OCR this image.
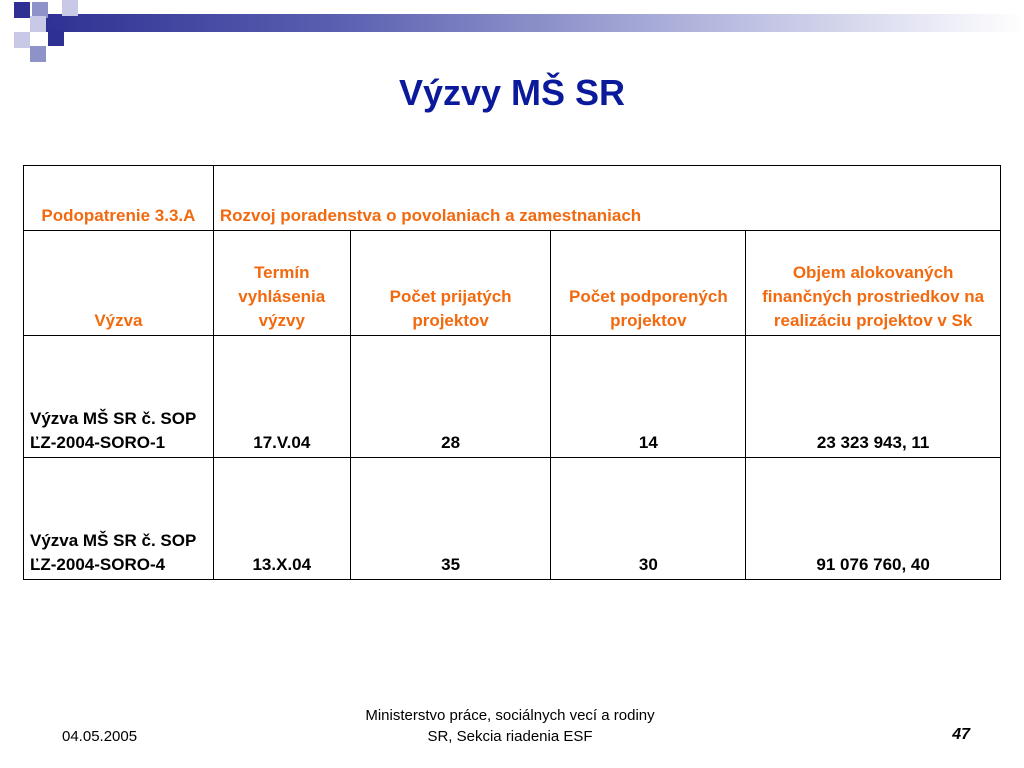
Výzvy MŠ SR
Podopatrenie 3.3.A	Rozvoj poradenstva o povolaniach a zamestnaniach			
Výzva	Termín vyhlásenia výzvy	Počet prijatých projektov	Počet podporených projektov	Objem alokovaných finančných prostriedkov na realizáciu projektov v Sk
Výzva MŠ SR č. SOP ĽZ-2004-SORO-1	17.V.04	28	14	23 323 943, 11
Výzva MŠ SR č. SOP ĽZ-2004-SORO-4	13.X.04	35	30	91 076 760, 40
04.05.2005
Ministerstvo práce, sociálnych vecí a rodiny SR, Sekcia riadenia ESF	47
